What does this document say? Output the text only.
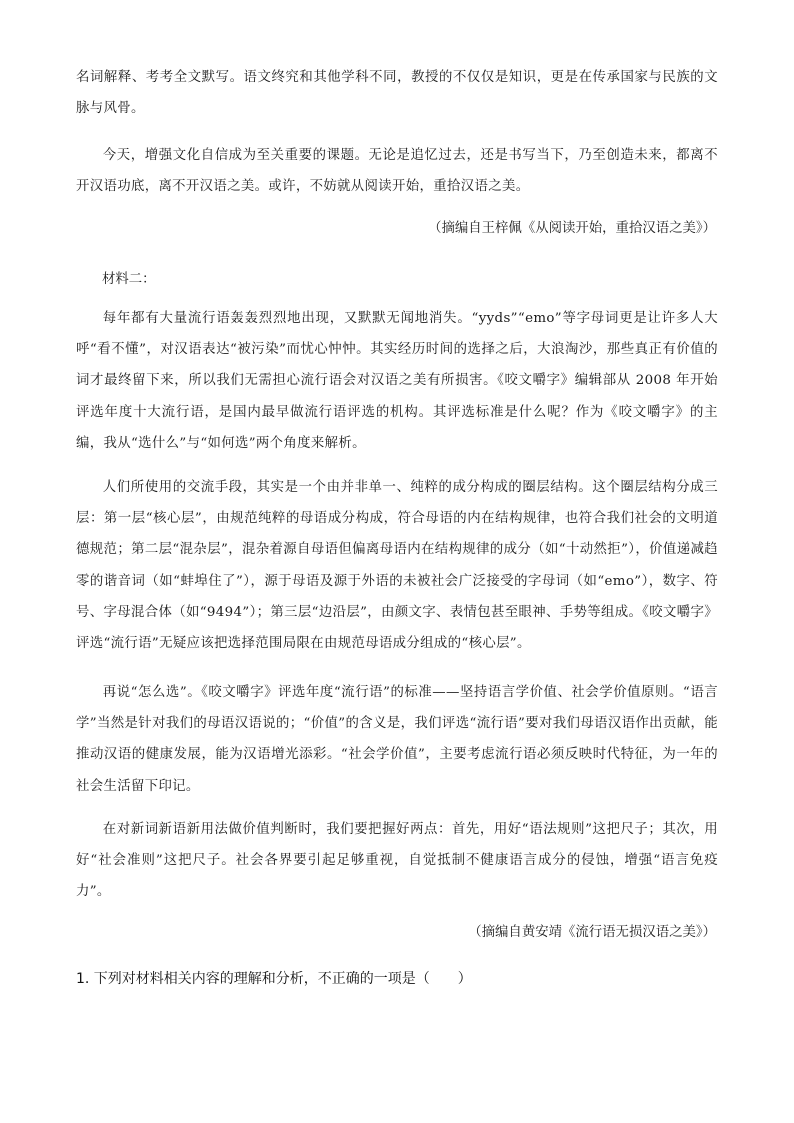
名词解释、考考全文默写。语文终究和其他学科不同，教授的不仅仅是知识，更是在传承国家与民族的文脉与风骨。

今天，增强文化自信成为至关重要的课题。无论是追忆过去，还是书写当下，乃至创造未来，都离不开汉语功底，离不开汉语之美。或许，不妨就从阅读开始，重拾汉语之美。

（摘编自王梓佩《从阅读开始，重拾汉语之美》）

材料二：

每年都有大量流行语轰轰烈烈地出现，又默默无闻地消失。“yyds”“emo”等字母词更是让许多人大呼“看不懂”，对汉语表达“被污染”而忧心忡忡。其实经历时间的选择之后，大浪淘沙，那些真正有价值的词才最终留下来，所以我们无需担心流行语会对汉语之美有所损害。《咬文嚼字》编辑部从 2008 年开始评选年度十大流行语，是国内最早做流行语评选的机构。其评选标准是什么呢？作为《咬文嚼字》的主编，我从“选什么”与“如何选”两个角度来解析。

人们所使用的交流手段，其实是一个由并非单一、纯粹的成分构成的圈层结构。这个圈层结构分成三层：第一层“核心层”，由规范纯粹的母语成分构成，符合母语的内在结构规律，也符合我们社会的文明道德规范；第二层“混杂层”，混杂着源自母语但偏离母语内在结构规律的成分（如“十动然拒”），价值递减趋零的谐音词（如“蚌埠住了”），源于母语及源于外语的未被社会广泛接受的字母词（如“emo”），数字、符号、字母混合体（如“9494”）；第三层“边沿层”，由颜文字、表情包甚至眼神、手势等组成。《咬文嚼字》评选“流行语”无疑应该把选择范围局限在由规范母语成分组成的“核心层”。

再说“怎么选”。《咬文嚼字》评选年度“流行语”的标准——坚持语言学价值、社会学价值原则。“语言学”当然是针对我们的母语汉语说的；“价值”的含义是，我们评选“流行语”要对我们母语汉语作出贡献，能推动汉语的健康发展，能为汉语增光添彩。“社会学价值”，主要考虑流行语必须反映时代特征，为一年的社会生活留下印记。

在对新词新语新用法做价值判断时，我们要把握好两点：首先，用好“语法规则”这把尺子；其次，用好“社会准则”这把尺子。社会各界要引起足够重视，自觉抵制不健康语言成分的侵蚀，增强“语言免疫力”。

（摘编自黄安靖《流行语无损汉语之美》）

1. 下列对材料相关内容的理解和分析，不正确的一项是（　　）
